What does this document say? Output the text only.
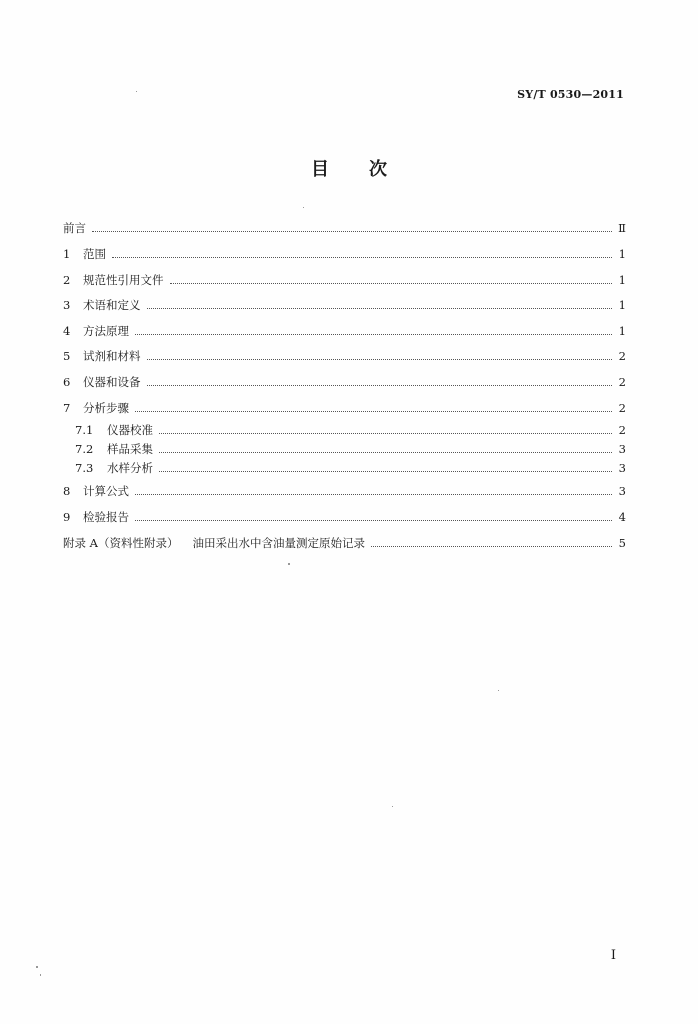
SY/T 0530—2011
目次
前言	Ⅱ
1	范围	1
2	规范性引用文件	1
3	术语和定义	1
4	方法原理	1
5	试剂和材料	2
6	仪器和设备	2
7	分析步骤	2
7.1	仪器校准	2
7.2	样品采集	3
7.3	水样分析	3
8	计算公式	3
9	检验报告	4
附录 A（资料性附录） 油田采出水中含油量测定原始记录	5
I
